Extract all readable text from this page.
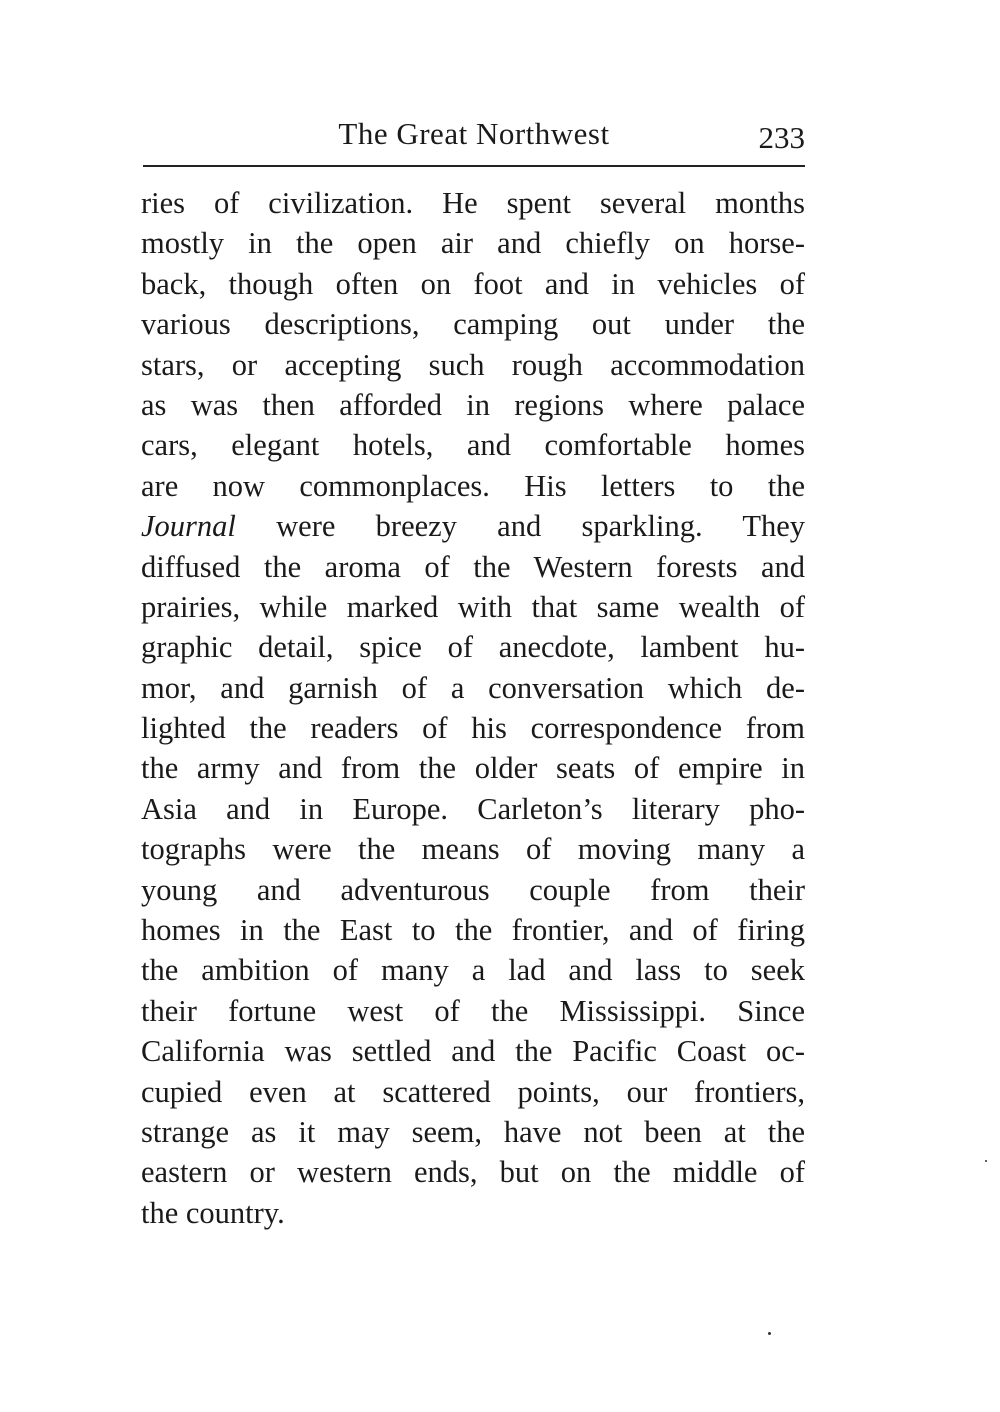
The Great Northwest	233
ries of civilization. He spent several months
mostly in the open air and chiefly on horse-
back, though often on foot and in vehicles of
various descriptions, camping out under the
stars, or accepting such rough accommodation
as was then afforded in regions where palace
cars, elegant hotels, and comfortable homes
are now commonplaces. His letters to the
Journal were breezy and sparkling. They
diffused the aroma of the Western forests and
prairies, while marked with that same wealth of
graphic detail, spice of anecdote, lambent hu-
mor, and garnish of a conversation which de-
lighted the readers of his correspondence from
the army and from the older seats of empire in
Asia and in Europe. Carleton’s literary pho-
tographs were the means of moving many a
young and adventurous couple from their
homes in the East to the frontier, and of firing
the ambition of many a lad and lass to seek
their fortune west of the Mississippi. Since
California was settled and the Pacific Coast oc-
cupied even at scattered points, our frontiers,
strange as it may seem, have not been at the
eastern or western ends, but on the middle of
the country.
